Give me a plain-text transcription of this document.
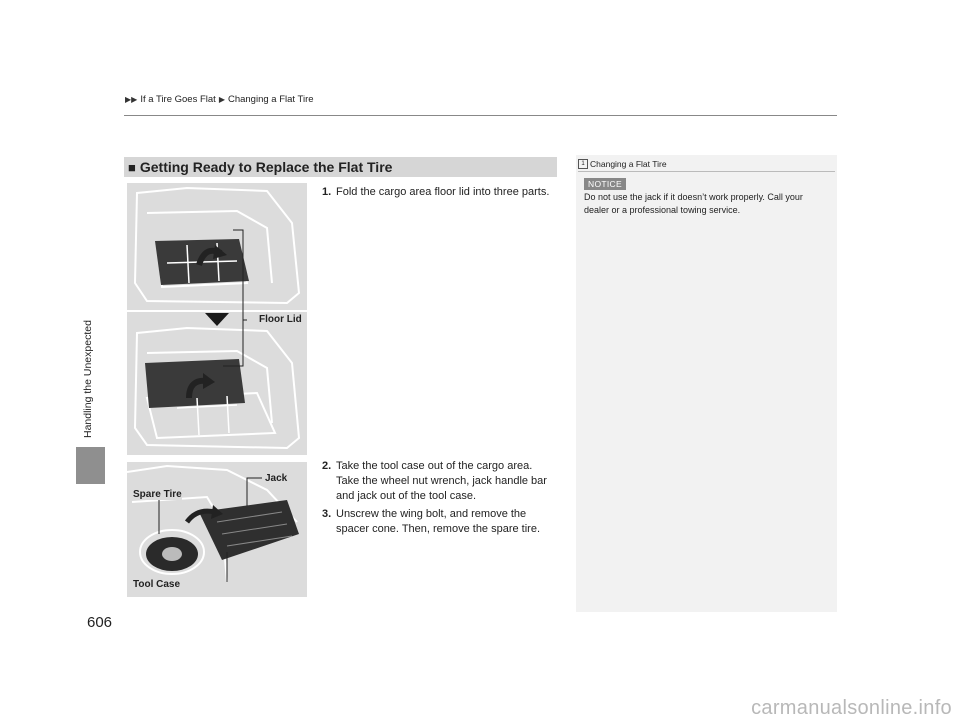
▶▶ If a Tire Goes Flat ▶ Changing a Flat Tire
Handling the Unexpected
606
■ Getting Ready to Replace the Flat Tire
Floor Lid
Jack
Spare Tire
Tool Case
1. Fold the cargo area floor lid into three parts.
2. Take the tool case out of the cargo area.
Take the wheel nut wrench, jack handle bar
and jack out of the tool case.
3. Unscrew the wing bolt, and remove the
spacer cone. Then, remove the spare tire.
1 Changing a Flat Tire
NOTICE
Do not use the jack if it doesn’t work properly. Call your dealer or a professional towing service.
carmanualsonline.info
